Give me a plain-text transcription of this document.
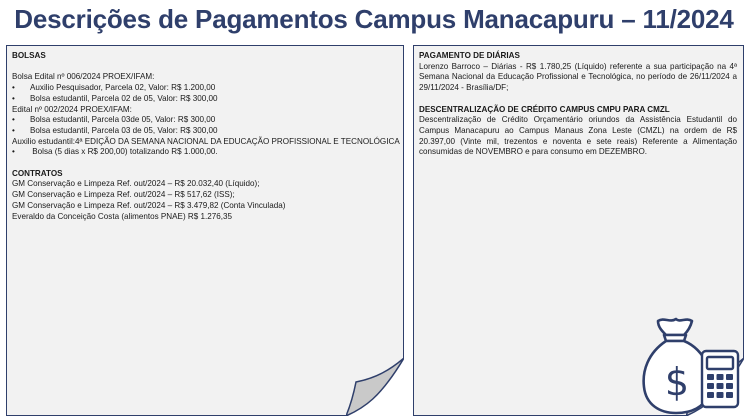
Descrições de Pagamentos Campus Manacapuru – 11/2024
BOLSAS
Bolsa Edital nº 006/2024 PROEX/IFAM:
• Auxilio Pesquisador, Parcela 02, Valor: R$ 1.200,00
• Bolsa estudantil, Parcela 02 de 05, Valor: R$ 300,00
Edital nº 002/2024 PROEX/IFAM:
• Bolsa estudantil, Parcela 03de 05, Valor: R$ 300,00
• Bolsa estudantil, Parcela 03 de 05, Valor: R$ 300,00
Auxilio estudantil:4ª EDIÇÃO DA SEMANA NACIONAL DA EDUCAÇÃO PROFISSIONAL E TECNOLÓGICA
• Bolsa (5 dias x R$ 200,00) totalizando R$ 1.000,00.
CONTRATOS
GM Conservação e Limpeza Ref. out/2024 – R$ 20.032,40 (Líquido);
GM Conservação e Limpeza Ref. out/2024 – R$ 517,62 (ISS);
GM Conservação e Limpeza Ref. out/2024 – R$ 3.479,82 (Conta Vinculada)
Everaldo da Conceição Costa (alimentos PNAE) R$ 1.276,35
PAGAMENTO DE DIÁRIAS
Lorenzo Barroco – Diárias - R$ 1.780,25 (Líquido) referente a sua participação na 4ª Semana Nacional da Educação Profissional e Tecnológica, no período de 26/11/2024 a 29/11/2024 - Brasília/DF;
DESCENTRALIZAÇÃO DE CRÉDITO CAMPUS CMPU PARA CMZL
Descentralização de Crédito Orçamentário oriundos da Assistência Estudantil do Campus Manacapuru ao Campus Manaus Zona Leste (CMZL) na ordem de R$ 20.397,00 (Vinte mil, trezentos e noventa e sete reais) Referente a Alimentação consumidas de NOVEMBRO e para consumo em DEZEMBRO.
$
